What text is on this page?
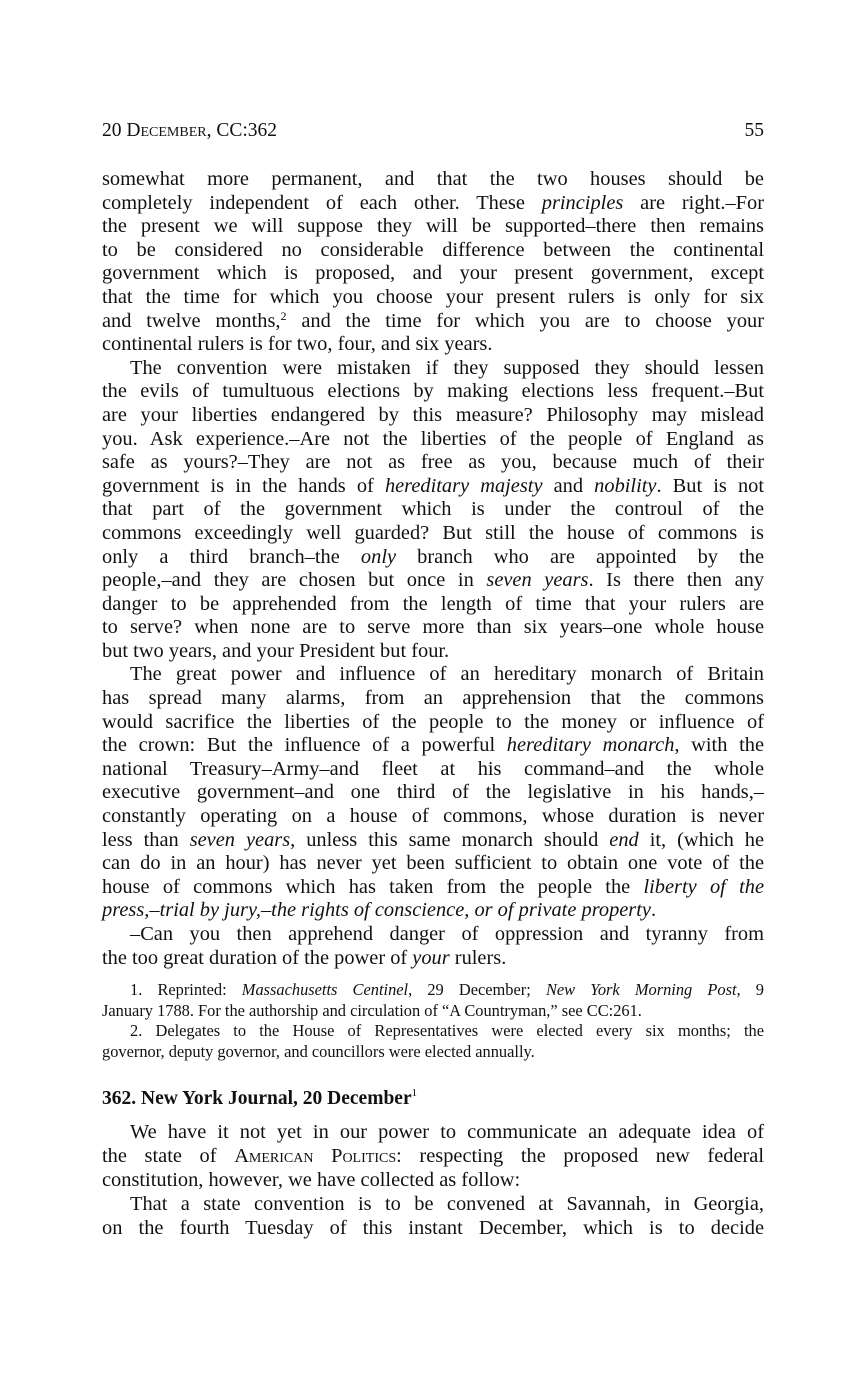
20 December, CC:362	55
somewhat more permanent, and that the two houses should be
completely independent of each other. These principles are right.–For
the present we will suppose they will be supported–there then remains
to be considered no considerable difference between the continental
government which is proposed, and your present government, except
that the time for which you choose your present rulers is only for six
and twelve months,$^2$ and the time for which you are to choose your
continental rulers is for two, four, and six years.
The convention were mistaken if they supposed they should lessen
the evils of tumultuous elections by making elections less frequent.–But
are your liberties endangered by this measure? Philosophy may mislead
you. Ask experience.–Are not the liberties of the people of England as
safe as yours?–They are not as free as you, because much of their
government is in the hands of hereditary majesty and nobility. But is not
that part of the government which is under the controul of the
commons exceedingly well guarded? But still the house of commons is
only a third branch–the only branch who are appointed by the
people,–and they are chosen but once in seven years. Is there then any
danger to be apprehended from the length of time that your rulers are
to serve? when none are to serve more than six years–one whole house
but two years, and your President but four.
The great power and influence of an hereditary monarch of Britain
has spread many alarms, from an apprehension that the commons
would sacrifice the liberties of the people to the money or influence of
the crown: But the influence of a powerful hereditary monarch, with the
national Treasury–Army–and fleet at his command–and the whole
executive government–and one third of the legislative in his hands,–
constantly operating on a house of commons, whose duration is never
less than seven years, unless this same monarch should end it, (which he
can do in an hour) has never yet been sufficient to obtain one vote of the
house of commons which has taken from the people the liberty of the
press,–trial by jury,–the rights of conscience, or of private property.
–Can you then apprehend danger of oppression and tyranny from
the too great duration of the power of your rulers.
1. Reprinted: Massachusetts Centinel, 29 December; New York Morning Post, 9
January 1788. For the authorship and circulation of “A Countryman,” see CC:261.
2. Delegates to the House of Representatives were elected every six months; the
governor, deputy governor, and councillors were elected annually.
362. New York Journal, 20 December$^1$
We have it not yet in our power to communicate an adequate idea of
the state of American Politics: respecting the proposed new federal
constitution, however, we have collected as follow:
That a state convention is to be convened at Savannah, in Georgia,
on the fourth Tuesday of this instant December, which is to decide
